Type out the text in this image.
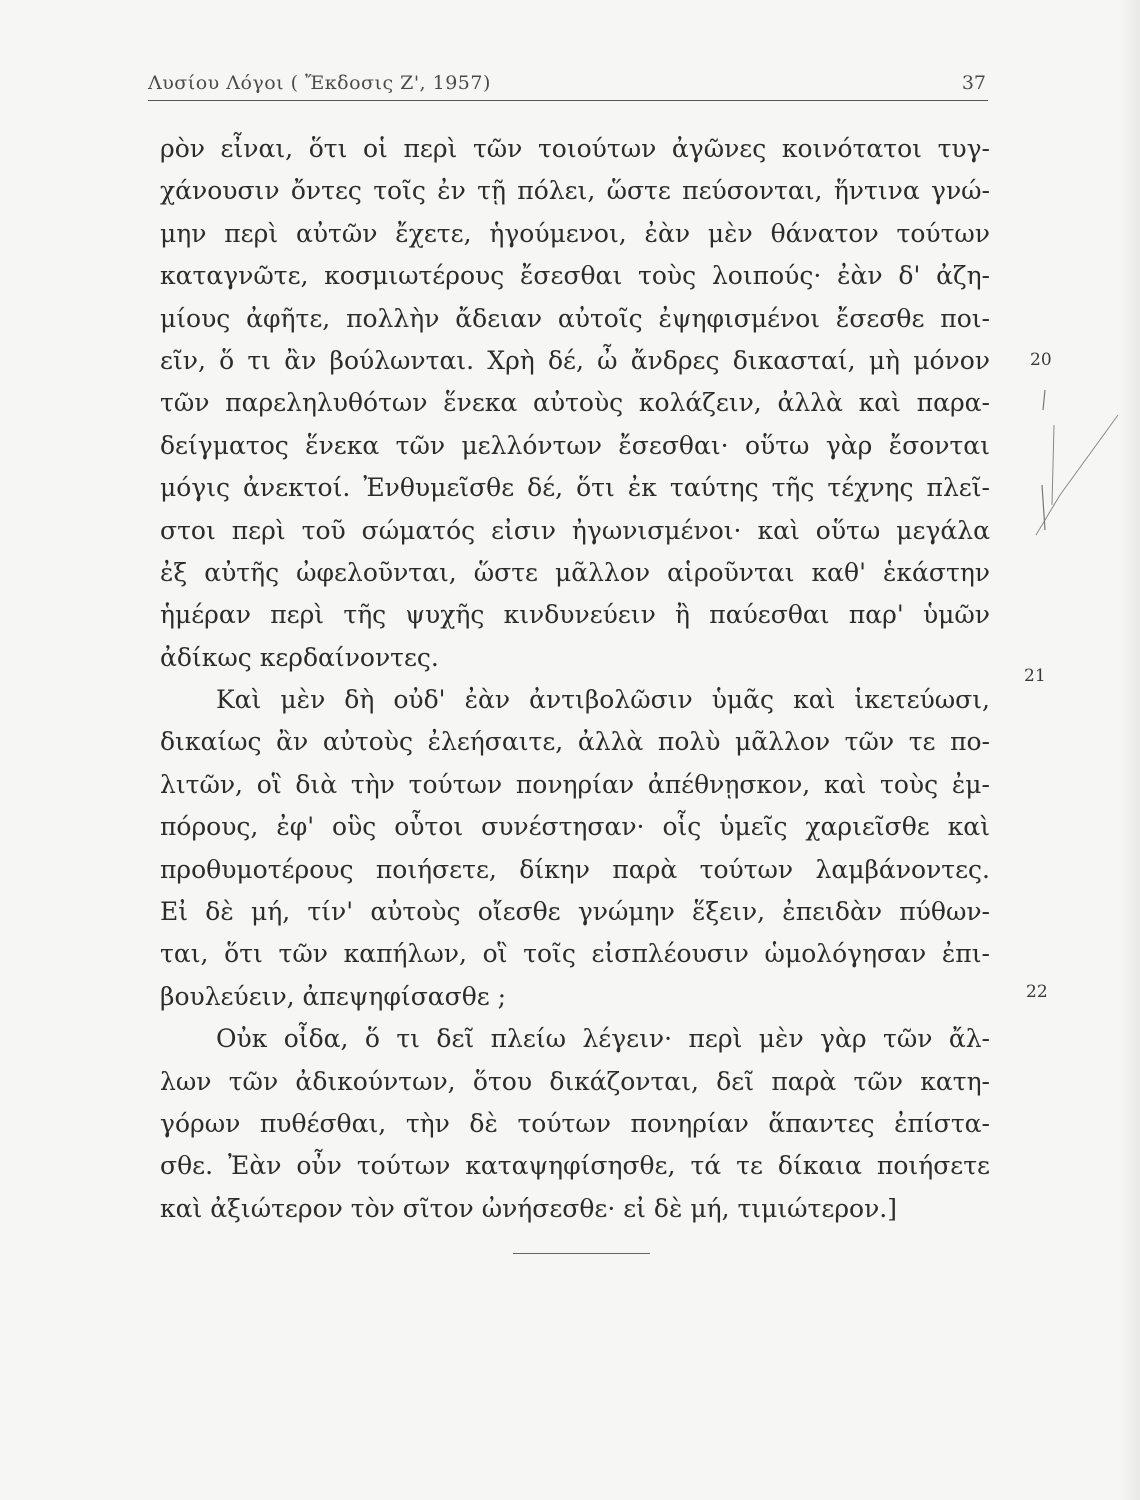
Λυσίου Λόγοι ( Ἔκδοσις Ζ', 1957)	37
ρὸν εἶναι, ὅτι οἱ περὶ τῶν τοιούτων ἀγῶνες κοινότατοι τυγ-
χάνουσιν ὄντες τοῖς ἐν τῇ πόλει, ὥστε πεύσονται, ἥντινα γνώ-
μην περὶ αὐτῶν ἔχετε, ἡγούμενοι, ἐὰν μὲν θάνατον τούτων
καταγνῶτε, κοσμιωτέρους ἔσεσθαι τοὺς λοιπούς· ἐὰν δ' ἀζη-
μίους ἀφῆτε, πολλὴν ἄδειαν αὐτοῖς ἐψηφισμένοι ἔσεσθε ποι-
εῖν, ὅ τι ἂν βούλωνται. Χρὴ δέ, ὦ ἄνδρες δικασταί, μὴ μόνον
τῶν παρεληλυθότων ἕνεκα αὐτοὺς κολάζειν, ἀλλὰ καὶ παρα-
δείγματος ἕνεκα τῶν μελλόντων ἔσεσθαι· οὕτω γὰρ ἔσονται
μόγις ἀνεκτοί. Ἐνθυμεῖσθε δέ, ὅτι ἐκ ταύτης τῆς τέχνης πλεῖ-
στοι περὶ τοῦ σώματός εἰσιν ἠγωνισμένοι· καὶ οὕτω μεγάλα
ἐξ αὐτῆς ὠφελοῦνται, ὥστε μᾶλλον αἱροῦνται καθ' ἑκάστην
ἡμέραν περὶ τῆς ψυχῆς κινδυνεύειν ἢ παύεσθαι παρ' ὑμῶν
ἀδίκως κερδαίνοντες.
Καὶ μὲν δὴ οὐδ' ἐὰν ἀντιβολῶσιν ὑμᾶς καὶ ἱκετεύωσι,
δικαίως ἂν αὐτοὺς ἐλεήσαιτε, ἀλλὰ πολὺ μᾶλλον τῶν τε πο-
λιτῶν, οἳ διὰ τὴν τούτων πονηρίαν ἀπέθνῃσκον, καὶ τοὺς ἐμ-
πόρους, ἐφ' οὓς οὗτοι συνέστησαν· οἷς ὑμεῖς χαριεῖσθε καὶ
προθυμοτέρους ποιήσετε, δίκην παρὰ τούτων λαμβάνοντες.
Εἰ δὲ μή, τίν' αὐτοὺς οἴεσθε γνώμην ἕξειν, ἐπειδὰν πύθων-
ται, ὅτι τῶν καπήλων, οἳ τοῖς εἰσπλέουσιν ὡμολόγησαν ἐπι-
βουλεύειν, ἀπεψηφίσασθε ;
Οὐκ οἶδα, ὅ τι δεῖ πλείω λέγειν· περὶ μὲν γὰρ τῶν ἄλ-
λων τῶν ἀδικούντων, ὅτου δικάζονται, δεῖ παρὰ τῶν κατη-
γόρων πυθέσθαι, τὴν δὲ τούτων πονηρίαν ἅπαντες ἐπίστα-
σθε. Ἐὰν οὖν τούτων καταψηφίσησθε, τά τε δίκαια ποιήσετε
καὶ ἀξιώτερον τὸν σῖτον ὠνήσεσθε· εἰ δὲ μή, τιμιώτερον.]
20
21
22
